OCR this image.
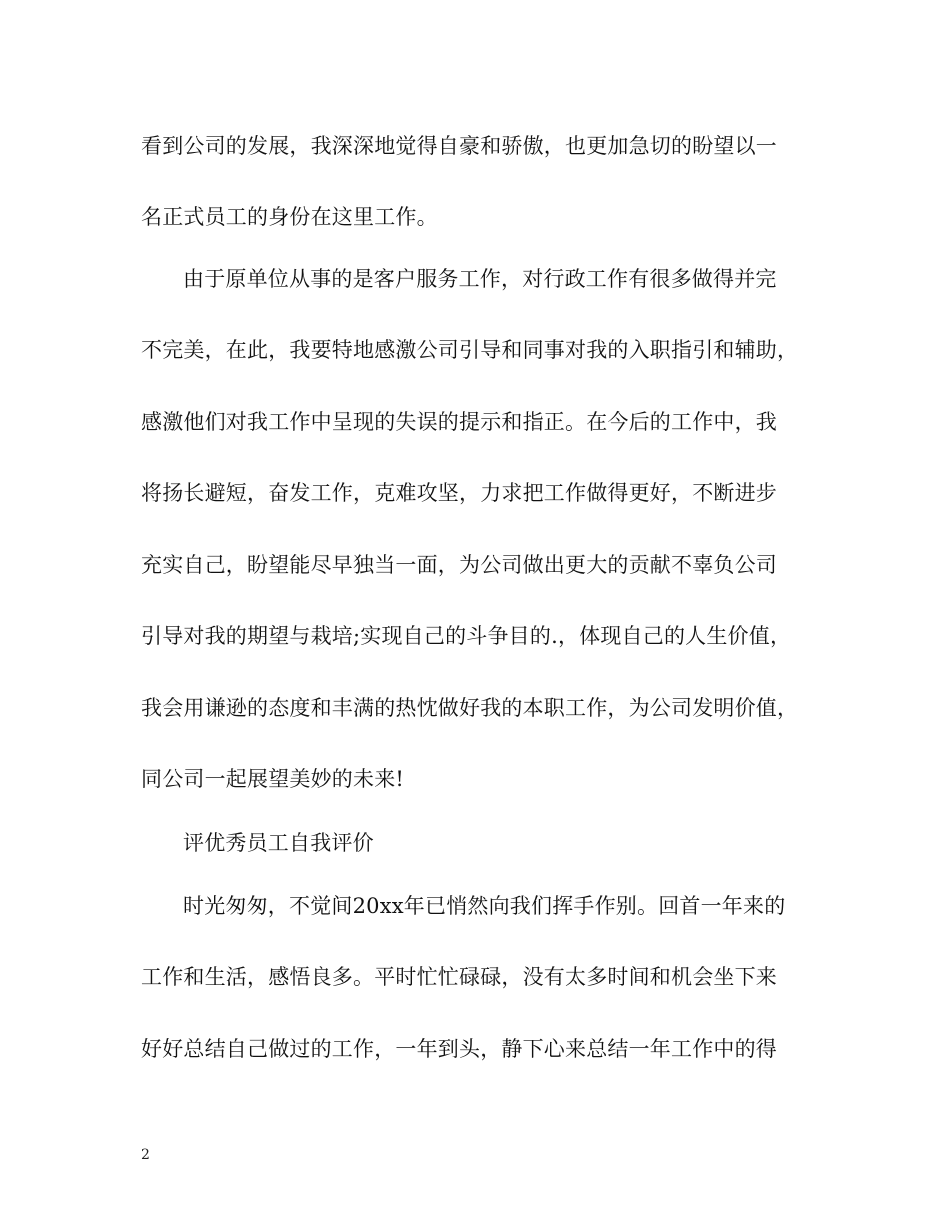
看到公司的发展，我深深地觉得自豪和骄傲，也更加急切的盼望以一
名正式员工的身份在这里工作。
由于原单位从事的是客户服务工作，对行政工作有很多做得并完
不完美，在此，我要特地感激公司引导和同事对我的入职指引和辅助，
感激他们对我工作中呈现的失误的提示和指正。在今后的工作中，我
将扬长避短，奋发工作，克难攻坚，力求把工作做得更好，不断进步
充实自己，盼望能尽早独当一面，为公司做出更大的贡献不辜负公司
引导对我的期望与栽培;实现自己的斗争目的.，体现自己的人生价值，
我会用谦逊的态度和丰满的热忱做好我的本职工作，为公司发明价值，
同公司一起展望美妙的未来!
评优秀员工自我评价
时光匆匆，不觉间20xx年已悄然向我们挥手作别。回首一年来的
工作和生活，感悟良多。平时忙忙碌碌，没有太多时间和机会坐下来
好好总结自己做过的工作，一年到头，静下心来总结一年工作中的得
2
